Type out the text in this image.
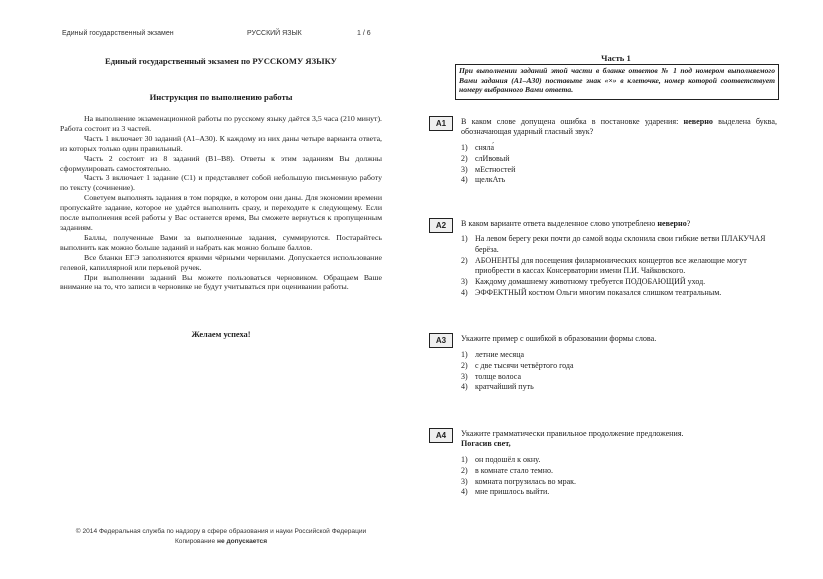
Единый государственный экзамен	РУССКИЙ ЯЗЫК	1 / 6
Единый государственный экзамен по РУССКОМУ ЯЗЫКУ
Инструкция по выполнению работы

На выполнение экзаменационной работы по русскому языку даётся 3,5 часа (210 минут). Работа состоит из 3 частей.

Часть 1 включает 30 заданий (А1–А30). К каждому из них даны четыре варианта ответа, из которых только один правильный.

Часть 2 состоит из 8 заданий (В1–В8). Ответы к этим заданиям Вы должны сформулировать самостоятельно.

Часть 3 включает 1 задание (С1) и представляет собой небольшую письменную работу по тексту (сочинение).

Советуем выполнять задания в том порядке, в котором они даны. Для экономии времени пропускайте задание, которое не удаётся выполнить сразу, и переходите к следующему. Если после выполнения всей работы у Вас останется время, Вы сможете вернуться к пропущенным заданиям.

Баллы, полученные Вами за выполненные задания, суммируются. Постарайтесь выполнить как можно больше заданий и набрать как можно больше баллов.

Все бланки ЕГЭ заполняются яркими чёрными чернилами. Допускается использование гелевой, капиллярной или перьевой ручек.

При выполнении заданий Вы можете пользоваться черновиком. Обращаем Ваше внимание на то, что записи в черновике не будут учитываться при оценивании работы.

Желаем успеха!
© 2014 Федеральная служба по надзору в сфере образования и науки Российской Федерации
Копирование не допускается
Часть 1
При выполнении заданий этой части в бланке ответов № 1 под номером выполняемого Вами задания (А1–А30) поставьте знак «×» в клеточке, номер которой соответствует номеру выбранного Вами ответа.
А1	В каком слове допущена ошибка в постановке ударения: неверно выделена буква, обозначающая ударный гласный звук?
1) сняла́
2) слИвовый
3) мЕстностей
4) щелкАть
А2	В каком варианте ответа выделенное слово употреблено неверно?
1) На левом берегу реки почти до самой воды склонила свои гибкие ветви ПЛАКУЧАЯ берёза.
2) АБОНЕНТЫ для посещения филармонических концертов все желающие могут приобрести в кассах Консерватории имени П.И. Чайковского.
3) Каждому домашнему животному требуется ПОДОБАЮЩИЙ уход.
4) ЭФФЕКТНЫЙ костюм Ольги многим показался слишком театральным.
А3	Укажите пример с ошибкой в образовании формы слова.
1) летние месяца
2) с две тысячи четвёртого года
3) толще волоса
4) кратчайший путь
А4	Укажите грамматически правильное продолжение предложения.
Погасив свет,
1) он подошёл к окну.
2) в комнате стало темно.
3) комната погрузилась во мрак.
4) мне пришлось выйти.
